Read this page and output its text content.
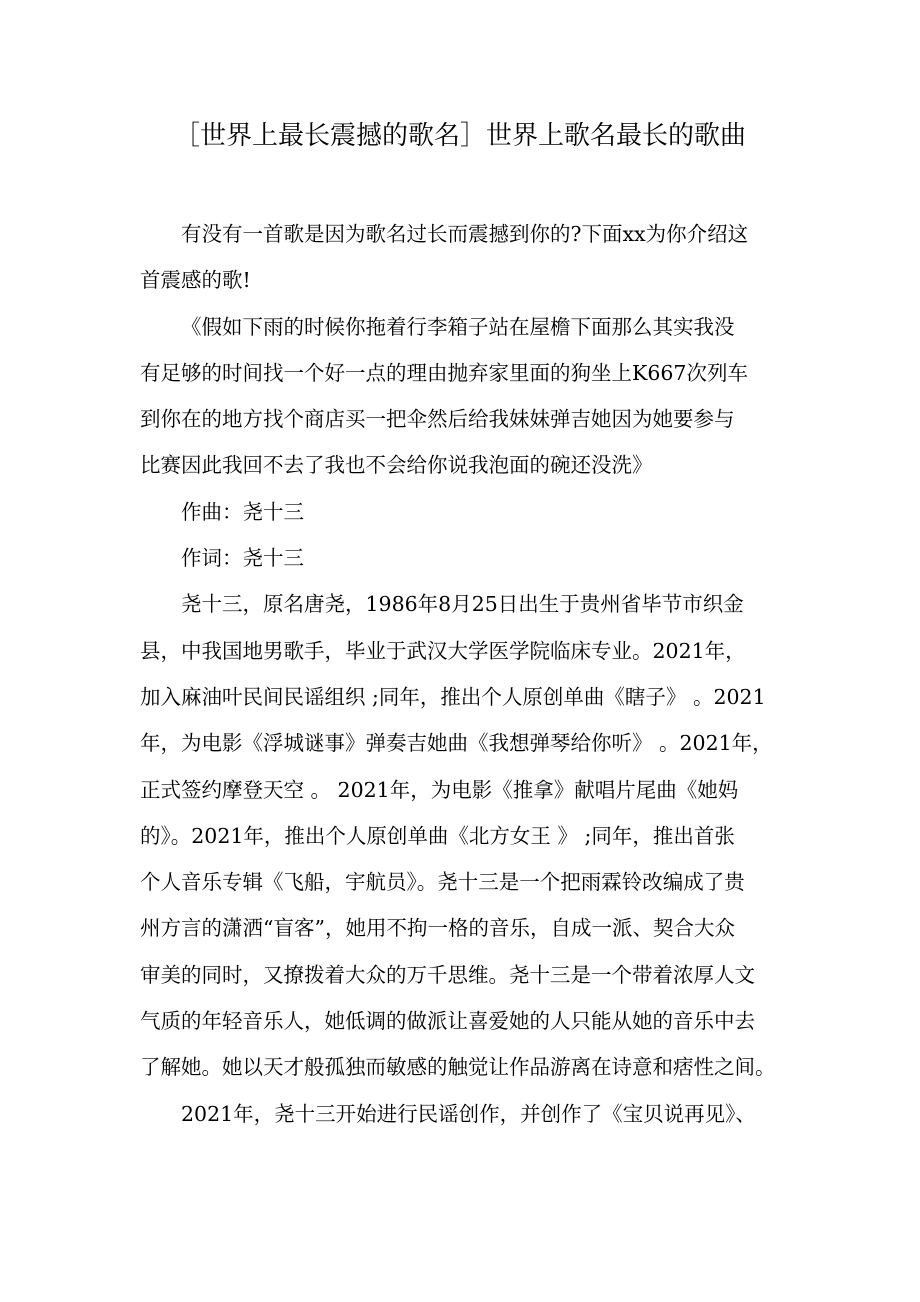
［世界上最长震撼的歌名］世界上歌名最长的歌曲
有没有一首歌是因为歌名过长而震撼到你的?下面xx为你介绍这
首震感的歌!
《假如下雨的时候你拖着行李箱子站在屋檐下面那么其实我没
有足够的时间找一个好一点的理由抛弃家里面的狗坐上K667次列车
到你在的地方找个商店买一把伞然后给我妹妹弹吉她因为她要参与
比赛因此我回不去了我也不会给你说我泡面的碗还没洗》
作曲：尧十三
作词：尧十三
尧十三，原名唐尧，1986年8月25日出生于贵州省毕节市织金
县，中我国地男歌手，毕业于武汉大学医学院临床专业。2021年，
加入麻油叶民间民谣组织 ;同年，推出个人原创单曲《瞎子》 。2021
年，为电影《浮城谜事》弹奏吉她曲《我想弹琴给你听》 。2021年，
正式签约摩登天空 。 2021年，为电影《推拿》献唱片尾曲《她妈
的》。2021年，推出个人原创单曲《北方女王 》 ;同年，推出首张
个人音乐专辑《飞船，宇航员》。尧十三是一个把雨霖铃改编成了贵
州方言的潇洒“盲客”，她用不拘一格的音乐，自成一派、契合大众
审美的同时，又撩拨着大众的万千思维。尧十三是一个带着浓厚人文
气质的年轻音乐人，她低调的做派让喜爱她的人只能从她的音乐中去
了解她。她以天才般孤独而敏感的触觉让作品游离在诗意和痞性之间。
2021年，尧十三开始进行民谣创作，并创作了《宝贝说再见》、
